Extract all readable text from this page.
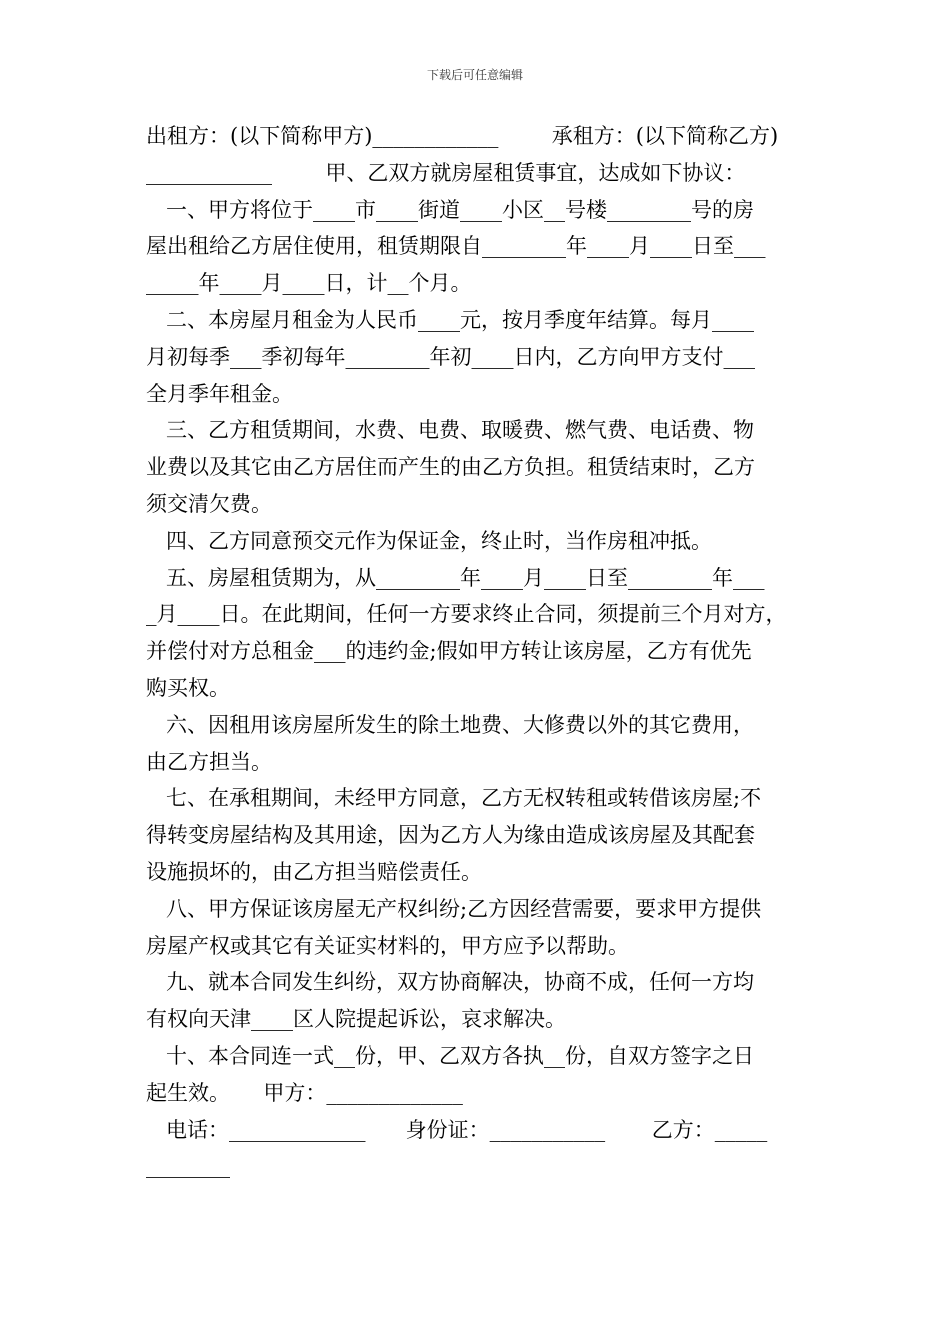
下载后可任意编辑
出租方：(以下简称甲方)____________        承租方：(以下简称乙方)
____________        甲、乙双方就房屋租赁事宜，达成如下协议：
一、甲方将位于____市____街道____小区__号楼________号的房
屋出租给乙方居住使用，租赁期限自________年____月____日至___
_____年____月____日，计__个月。
二、本房屋月租金为人民币____元，按月季度年结算。每月____
月初每季___季初每年________年初____日内，乙方向甲方支付___
全月季年租金。
三、乙方租赁期间，水费、电费、取暖费、燃气费、电话费、物
业费以及其它由乙方居住而产生的由乙方负担。租赁结束时，乙方
须交清欠费。
四、乙方同意预交元作为保证金，终止时，当作房租冲抵。
五、房屋租赁期为，从________年____月____日至________年___
_月____日。在此期间，任何一方要求终止合同，须提前三个月对方，
并偿付对方总租金___的违约金;假如甲方转让该房屋，乙方有优先
购买权。
六、因租用该房屋所发生的除土地费、大修费以外的其它费用，
由乙方担当。
七、在承租期间，未经甲方同意，乙方无权转租或转借该房屋;不
得转变房屋结构及其用途，因为乙方人为缘由造成该房屋及其配套
设施损坏的，由乙方担当赔偿责任。
八、甲方保证该房屋无产权纠纷;乙方因经营需要，要求甲方提供
房屋产权或其它有关证实材料的，甲方应予以帮助。
九、就本合同发生纠纷，双方协商解决，协商不成，任何一方均
有权向天津____区人院提起诉讼，哀求解决。
十、本合同连一式__份，甲、乙双方各执__份，自双方签字之日
起生效。     甲方：_____________
电话：_____________      身份证：___________       乙方：_____
________
